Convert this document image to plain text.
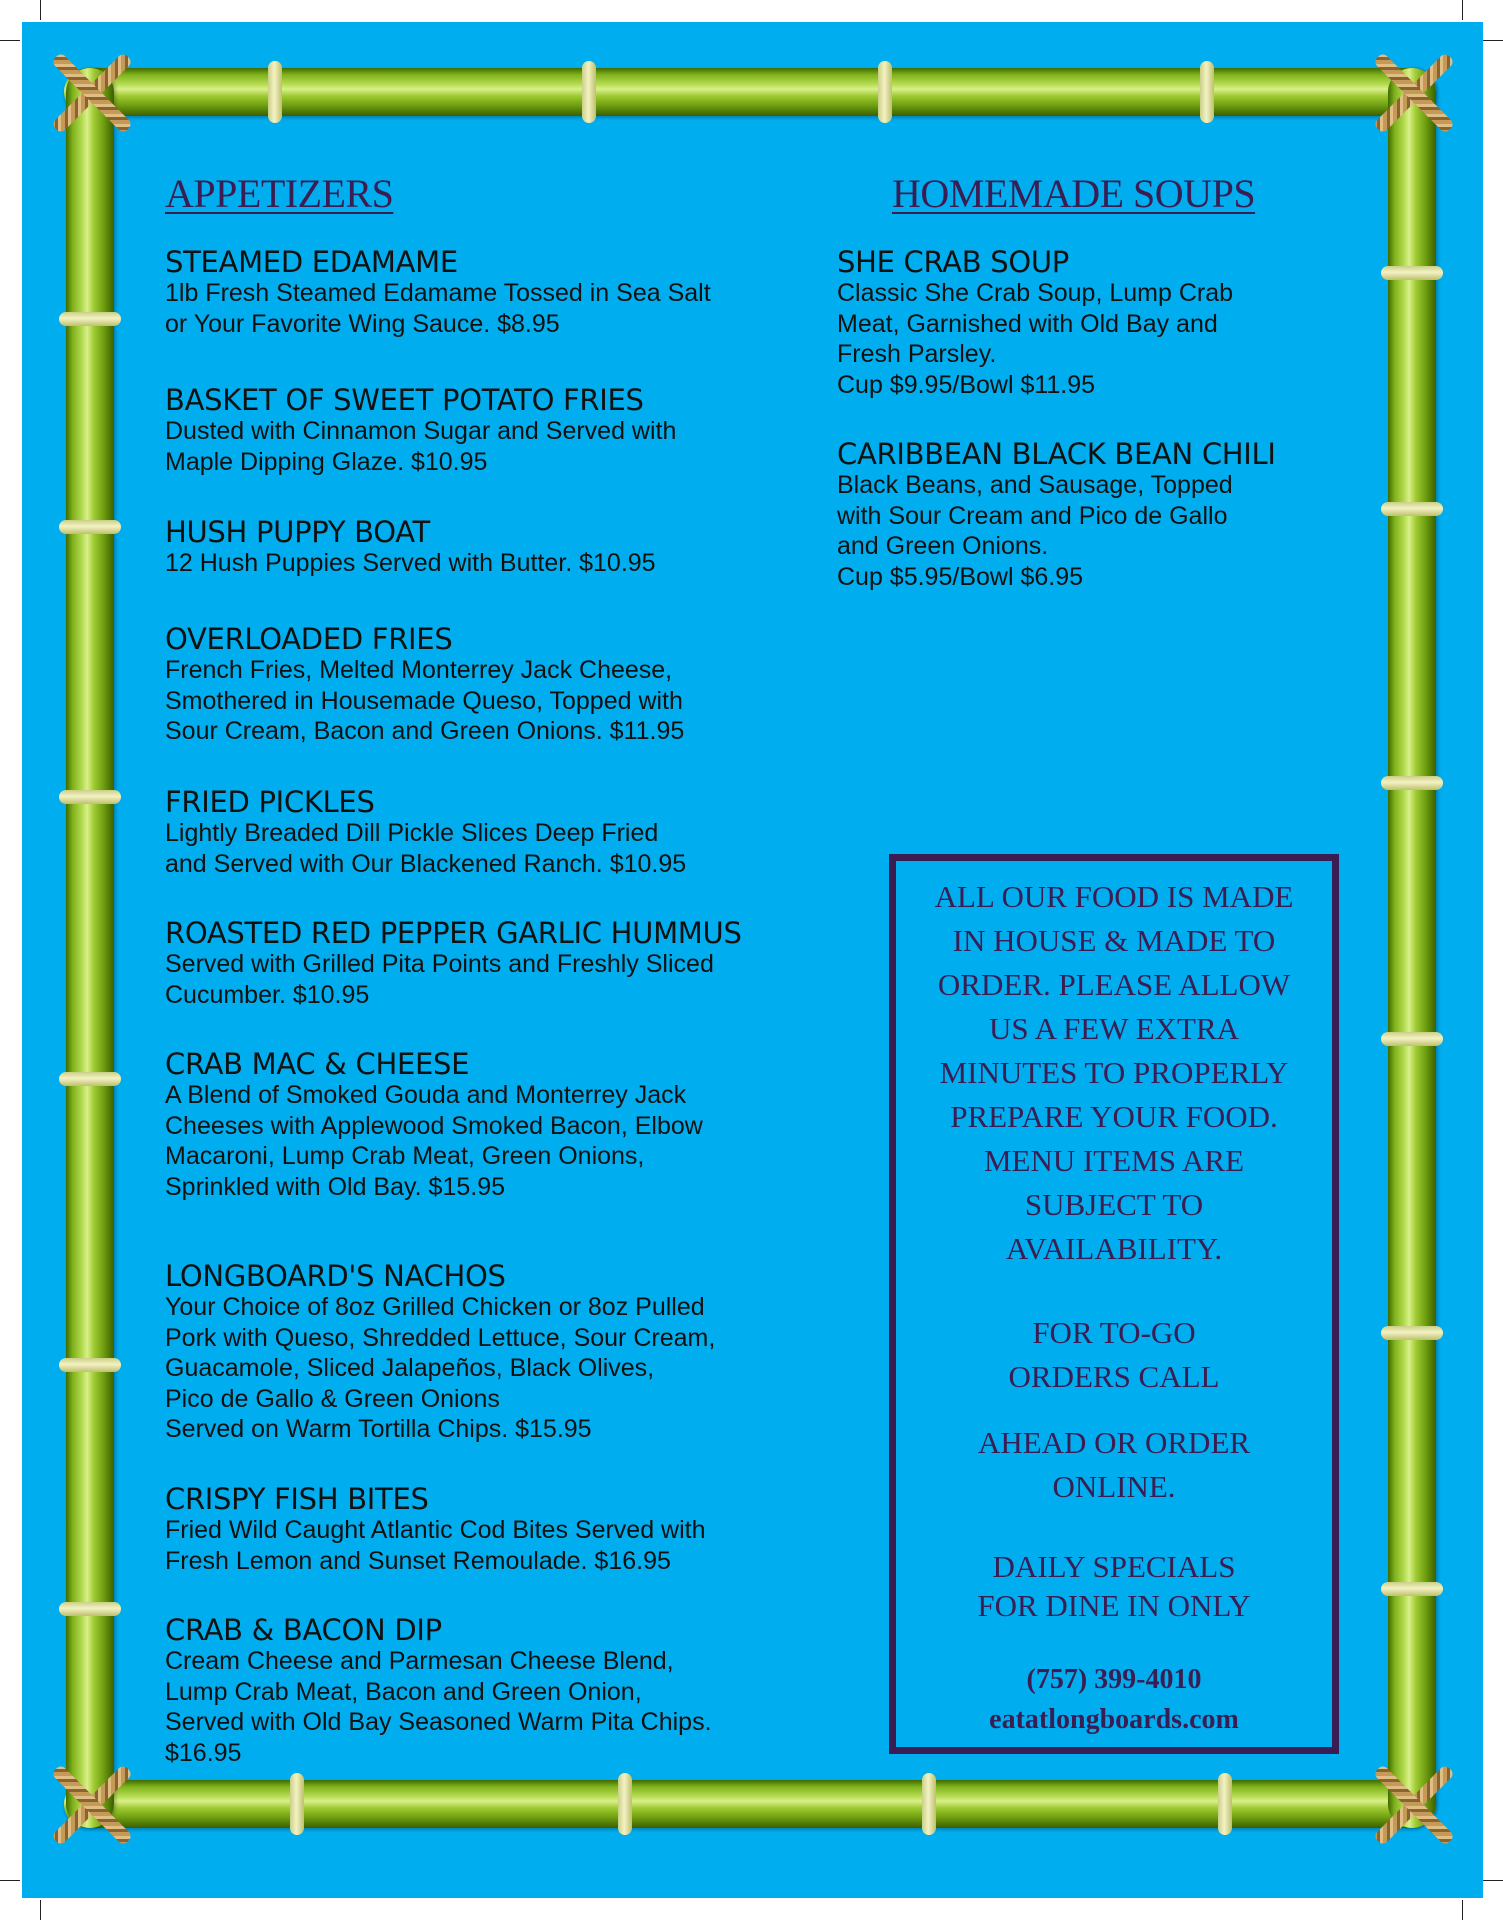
APPETIZERS
STEAMED EDAMAME
1lb Fresh Steamed Edamame Tossed in Sea Salt
or Your Favorite Wing Sauce. $8.95
BASKET OF SWEET POTATO FRIES
Dusted with Cinnamon Sugar and Served with
Maple Dipping Glaze. $10.95
HUSH PUPPY BOAT
12 Hush Puppies Served with Butter. $10.95
OVERLOADED FRIES
French Fries, Melted Monterrey Jack Cheese,
Smothered in Housemade Queso, Topped with
Sour Cream, Bacon and Green Onions. $11.95
FRIED PICKLES
Lightly Breaded Dill Pickle Slices Deep Fried
and Served with Our Blackened Ranch. $10.95
ROASTED RED PEPPER GARLIC HUMMUS
Served with Grilled Pita Points and Freshly Sliced
Cucumber. $10.95
CRAB MAC & CHEESE
A Blend of Smoked Gouda and Monterrey Jack
Cheeses with Applewood Smoked Bacon, Elbow
Macaroni, Lump Crab Meat, Green Onions,
Sprinkled with Old Bay. $15.95
LONGBOARD'S NACHOS
Your Choice of 8oz Grilled Chicken or 8oz Pulled
Pork with Queso, Shredded Lettuce, Sour Cream,
Guacamole, Sliced Jalapeños, Black Olives,
Pico de Gallo & Green Onions
Served on Warm Tortilla Chips. $15.95
CRISPY FISH BITES
Fried Wild Caught Atlantic Cod Bites Served with
Fresh Lemon and Sunset Remoulade. $16.95
CRAB & BACON DIP
Cream Cheese and Parmesan Cheese Blend,
Lump Crab Meat, Bacon and Green Onion,
Served with Old Bay Seasoned Warm Pita Chips.
$16.95
HOMEMADE SOUPS
SHE CRAB SOUP
Classic She Crab Soup, Lump Crab
Meat, Garnished with Old Bay and
Fresh Parsley.
Cup $9.95/Bowl $11.95
CARIBBEAN BLACK BEAN CHILI
Black Beans, and Sausage, Topped
with Sour Cream and Pico de Gallo
and Green Onions.
Cup $5.95/Bowl $6.95

ALL OUR FOOD IS MADE
IN HOUSE & MADE TO
ORDER. PLEASE ALLOW
US A FEW EXTRA
MINUTES TO PROPERLY
PREPARE YOUR FOOD.
MENU ITEMS ARE
SUBJECT TO
AVAILABILITY.

FOR TO-GO
ORDERS CALL

AHEAD OR ORDER
ONLINE.

DAILY SPECIALS
FOR DINE IN ONLY

(757) 399-4010

eatatlongboards.com
